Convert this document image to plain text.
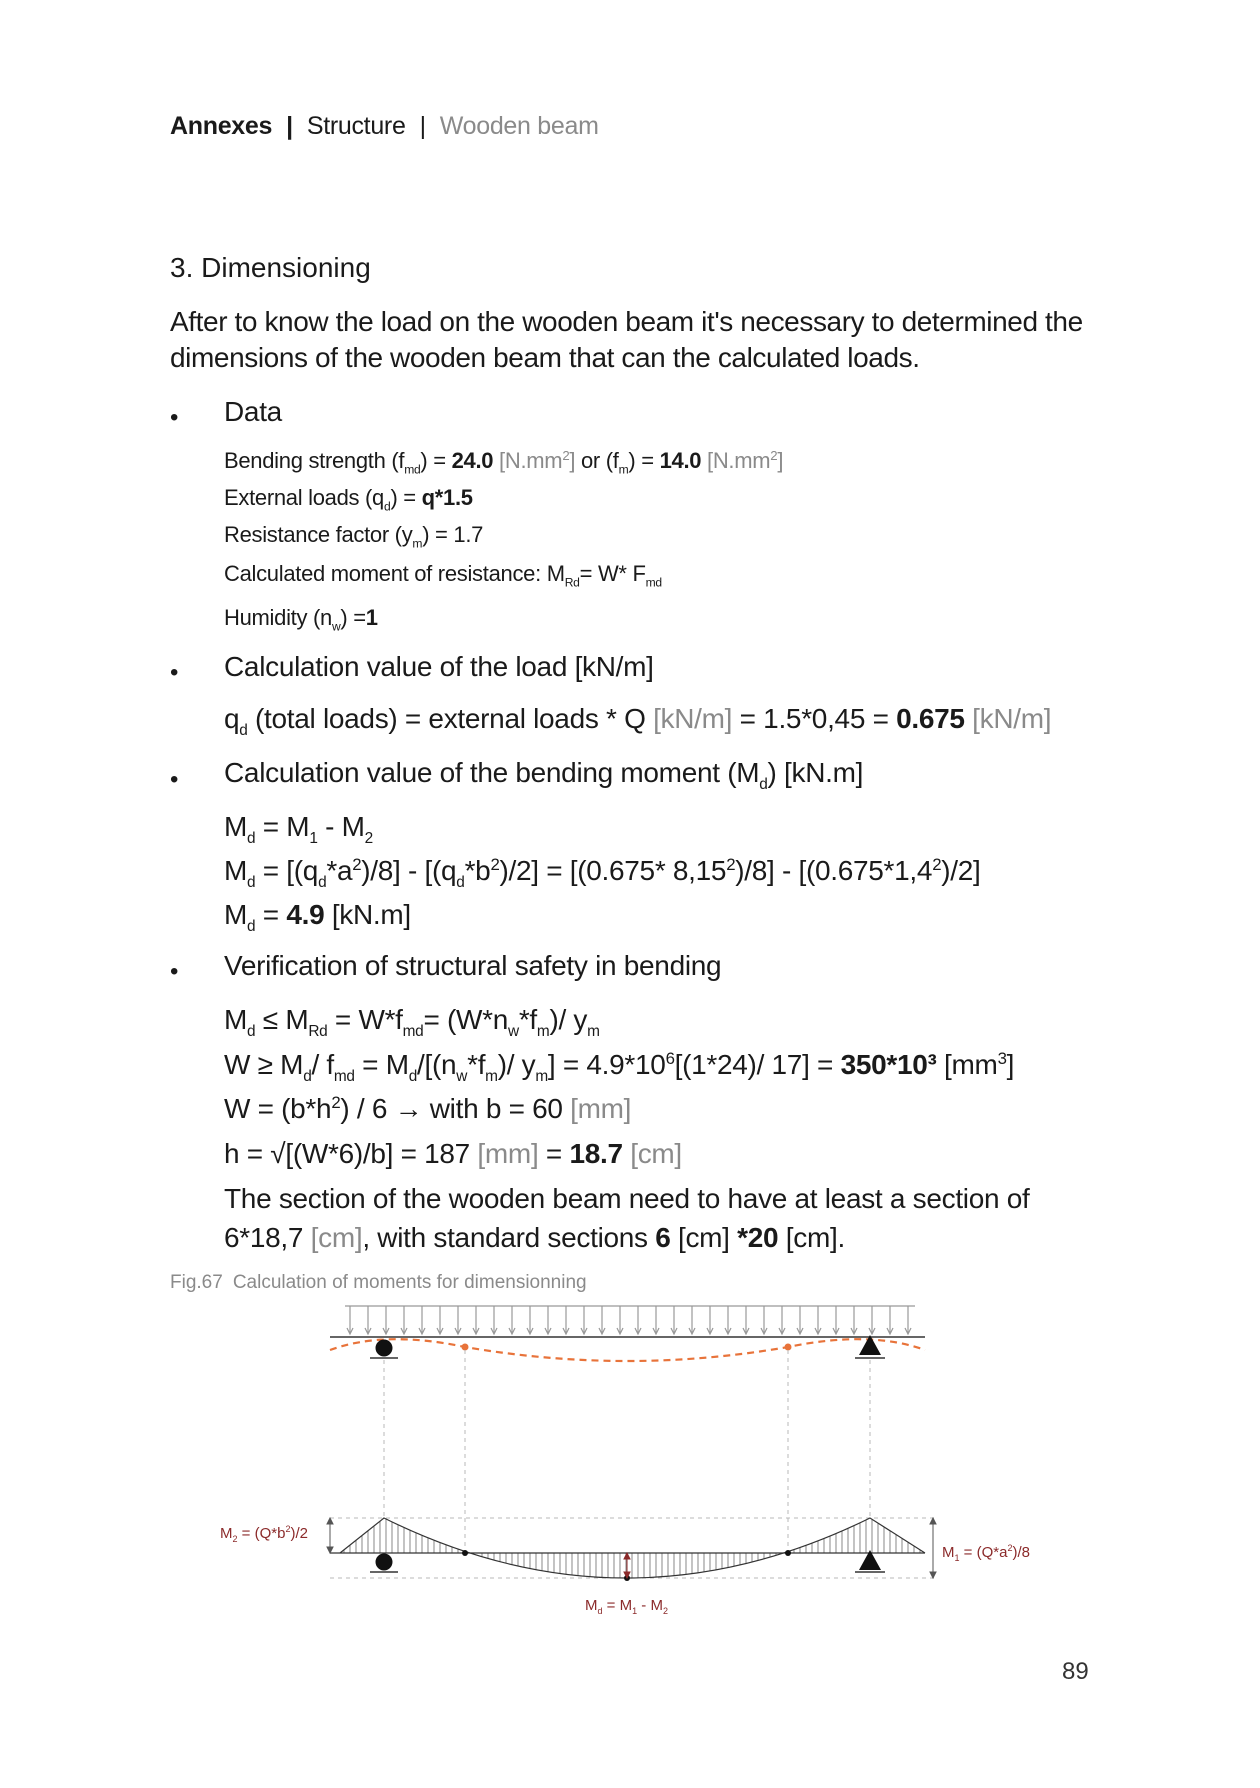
Annexes | Structure | Wooden beam
3. Dimensioning
After to know the load on the wooden beam it's necessary to determined the dimensions of the wooden beam that can the calculated loads.
• Data
Bending strength $(f_{md}) = 24.0$ $[N.mm^2]$ or $(f_m) = 14.0$ $[N.mm^2]$
External loads $(q_d) = q*1.5$
Resistance factor $(y_m) = 1.7$
Calculated moment of resistance: $M_{Rd}= W*$ $F_{md}$
Humidity $(n_w) =1$
• Calculation value of the load [kN/m]
$q_d$ (total loads) = external loads * Q [kN/m] = 1.5*0,45 = 0.675 [kN/m]
• Calculation value of the bending moment $(M_d)$ [kN.m]
$M_d = M_1 - M_2$
$M_d = [(q_d*a^2)/8] - [(q_d*b^2)/2] = [(0.675*$ $8,15^2)/8] - [(0.675*1,4^2)/2]$
$M_d = 4.9$ [kN.m]
• Verification of structural safety in bending
$M_d \le M_{Rd} = W*f_{md}= (W*n_w*f_m)/$ $y_m$
$W \ge M_d/$ $f_{md} = M_d/[(n_w*f_m)/$ $y_m] = 4.9*10^6[(1*24)/$ 17] = 350*10³ $[mm^3]$
$W = (b*h^2) / 6$ → with b = 60 [mm]
h = √[(W*6)/b] = 187 [mm] = 18.7 [cm]
The section of the wooden beam need to have at least a section of
6*18,7 [cm], with standard sections 6 [cm] *20 [cm].
Fig.67 Calculation of moments for dimensionning
$M_2 = (Q*b^2)/2$
$M_1 = (Q*a^2)/8$
$M_d = M_1 - M_2$
89
